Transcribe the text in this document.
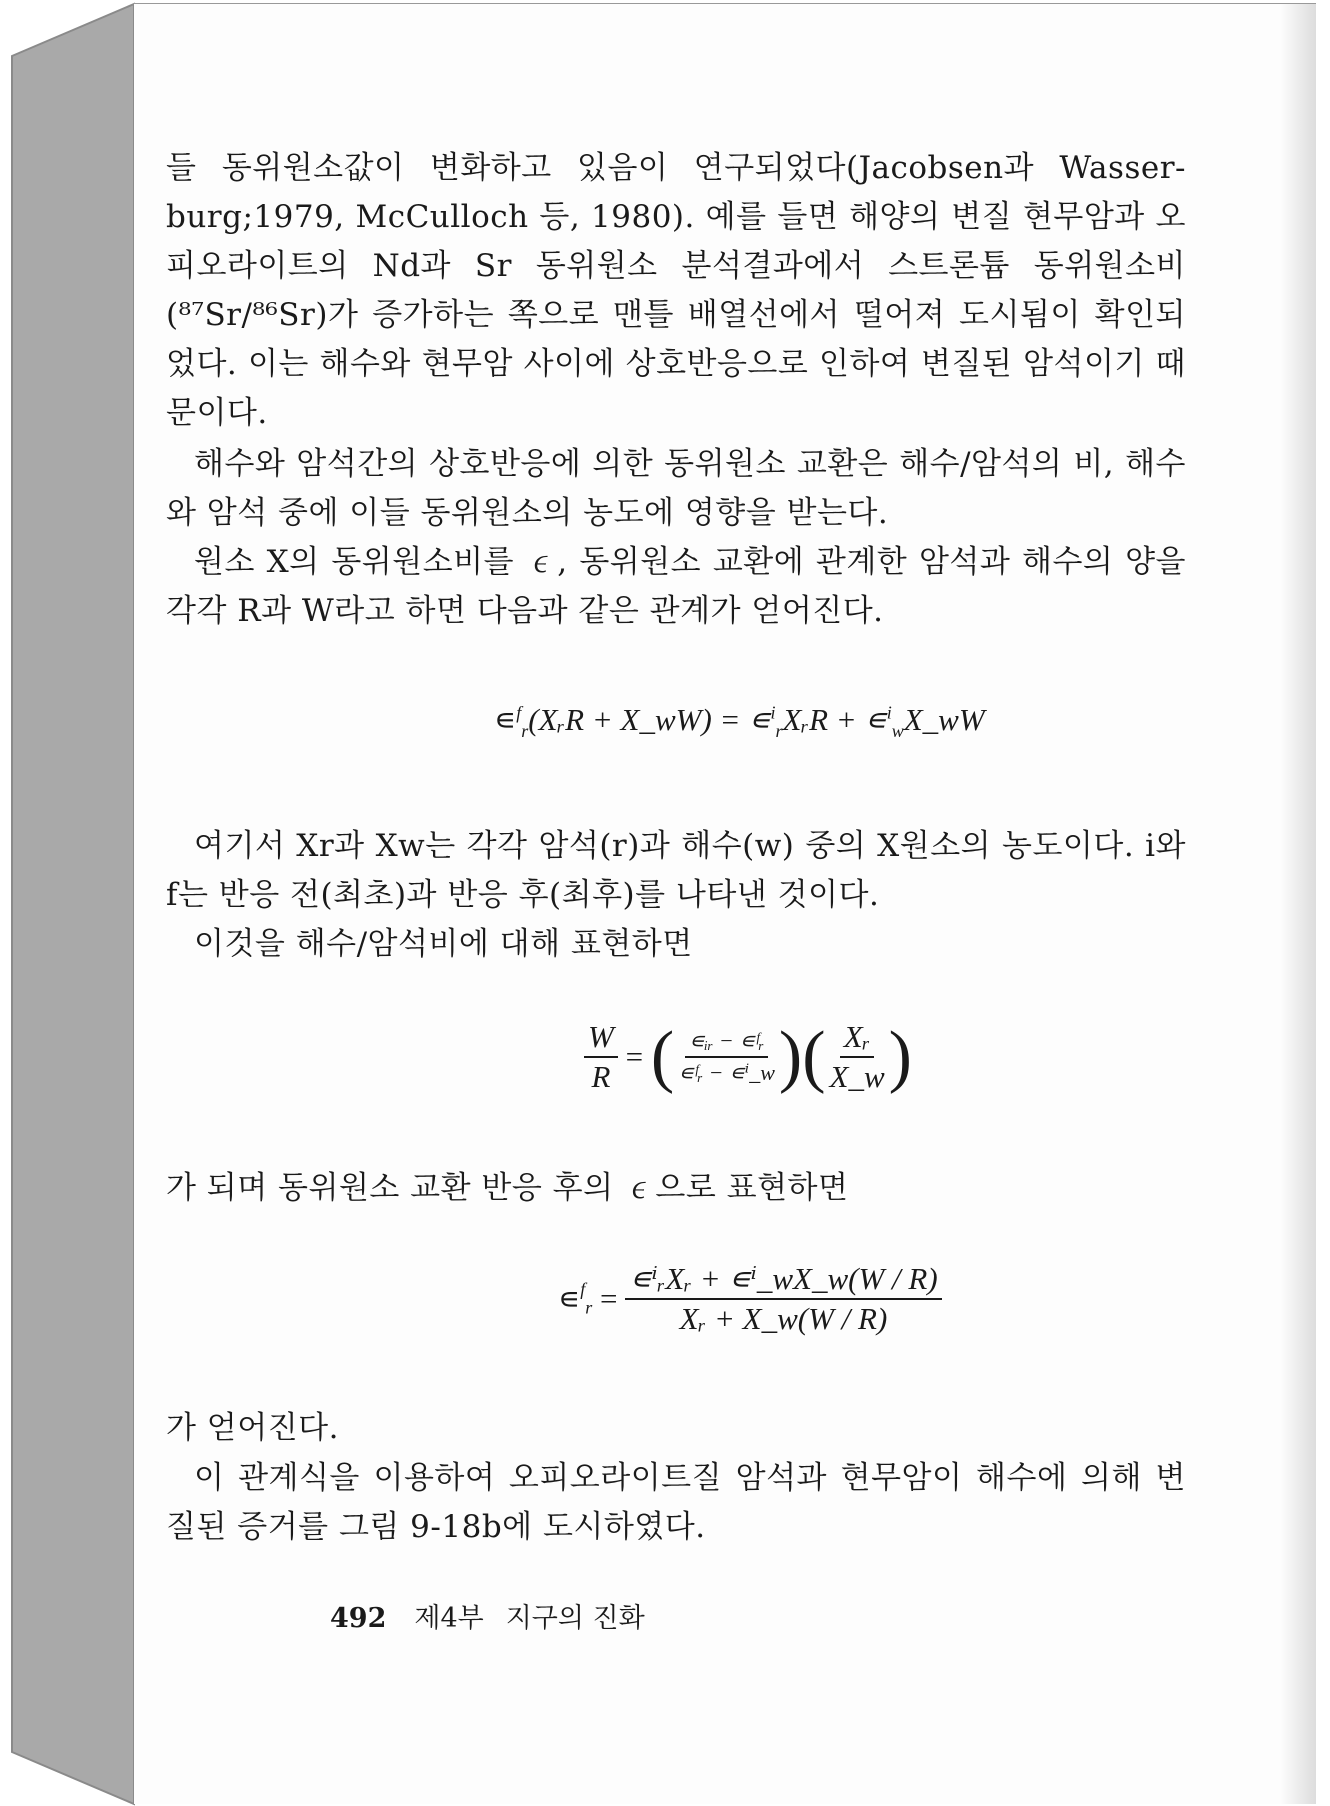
들 동위원소값이 변화하고 있음이 연구되었다(Jacobsen과 Wasser-burg;1979, McCulloch 등, 1980). 예를 들면 해양의 변질 현무암과 오피오라이트의 Nd과 Sr 동위원소 분석결과에서 스트론튬 동위원소비 (⁸⁷Sr/⁸⁶Sr)가 증가하는 쪽으로 맨틀 배열선에서 떨어져 도시됨이 확인되었다. 이는 해수와 현무암 사이에 상호반응으로 인하여 변질된 암석이기 때문이다.

해수와 암석간의 상호반응에 의한 동위원소 교환은 해수/암석의 비, 해수와 암석 중에 이들 동위원소의 농도에 영향을 받는다.

원소 X의 동위원소비를 ∊, 동위원소 교환에 관계한 암석과 해수의 양을 각각 R과 W라고 하면 다음과 같은 관계가 얻어진다.

∊$^f_r$(XᵣR + X_wW) = ∊$^i_r$XᵣR + ∊$^i_w$X_wW

여기서 Xr과 Xw는 각각 암석(r)과 해수(w) 중의 X원소의 농도이다. i와 f는 반응 전(최초)과 반응 후(최후)를 나타낸 것이다.

이것을 해수/암석비에 대해 표현하면

$\frac{W}{R}$ = ( $\frac{\text{∊ᵢᵣ − ∊ᶠᵣ}}{\text{∊ᶠᵣ − ∊ⁱ\_w}}$ )( $\frac{\text{Xᵣ}}{X\_w}$ )

가 되며 동위원소 교환 반응 후의 ∊으로 표현하면

∊$^f_r$ = $\frac{\text{∊ⁱᵣXᵣ + ∊ⁱ\_wX\_w(W / R)}}{\text{Xᵣ + X\_w(W / R)}}$

가 얻어진다.

이 관계식을 이용하여 오피오라이트질 암석과 현무암이 해수에 의해 변질된 증거를 그림 9-18b에 도시하였다.

492 제4부 지구의 진화
